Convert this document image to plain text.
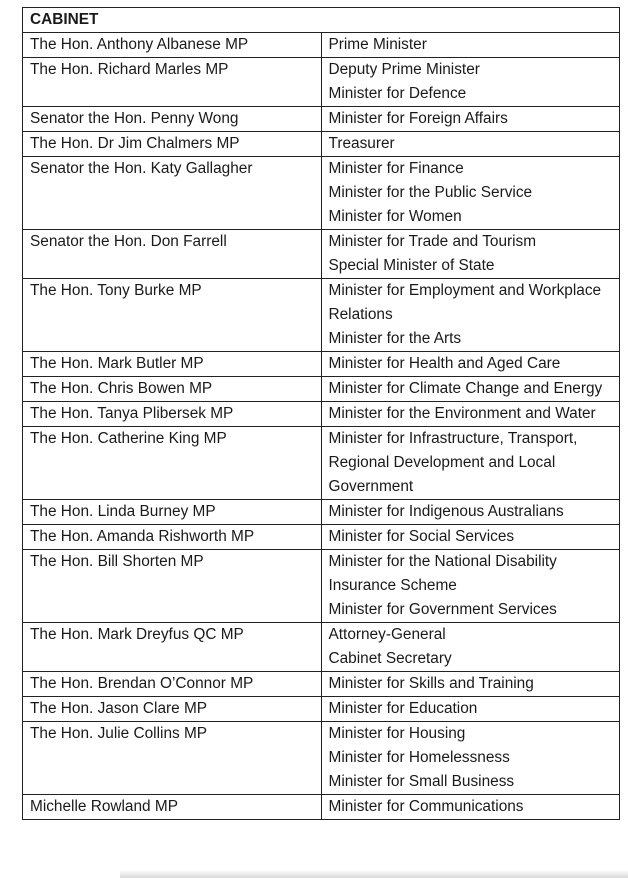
CABINET	
The Hon. Anthony Albanese MP	Prime Minister

The Hon. Richard Marles MP	Deputy Prime Minister
Minister for Defence

Senator the Hon. Penny Wong	Minister for Foreign Affairs

The Hon. Dr Jim Chalmers MP	Treasurer

Senator the Hon. Katy Gallagher	Minister for Finance
Minister for the Public Service
Minister for Women

Senator the Hon. Don Farrell	Minister for Trade and Tourism
Special Minister of State

The Hon. Tony Burke MP	Minister for Employment and Workplace Relations
Minister for the Arts

The Hon. Mark Butler MP	Minister for Health and Aged Care

The Hon. Chris Bowen MP	Minister for Climate Change and Energy

The Hon. Tanya Plibersek MP	Minister for the Environment and Water

The Hon. Catherine King MP	Minister for Infrastructure, Transport, Regional Development and Local Government

The Hon. Linda Burney MP	Minister for Indigenous Australians

The Hon. Amanda Rishworth MP	Minister for Social Services

The Hon. Bill Shorten MP	Minister for the National Disability Insurance Scheme
Minister for Government Services

The Hon. Mark Dreyfus QC MP	Attorney-General
Cabinet Secretary

The Hon. Brendan O’Connor MP	Minister for Skills and Training

The Hon. Jason Clare MP	Minister for Education

The Hon. Julie Collins MP	Minister for Housing
Minister for Homelessness
Minister for Small Business

Michelle Rowland MP	Minister for Communications
